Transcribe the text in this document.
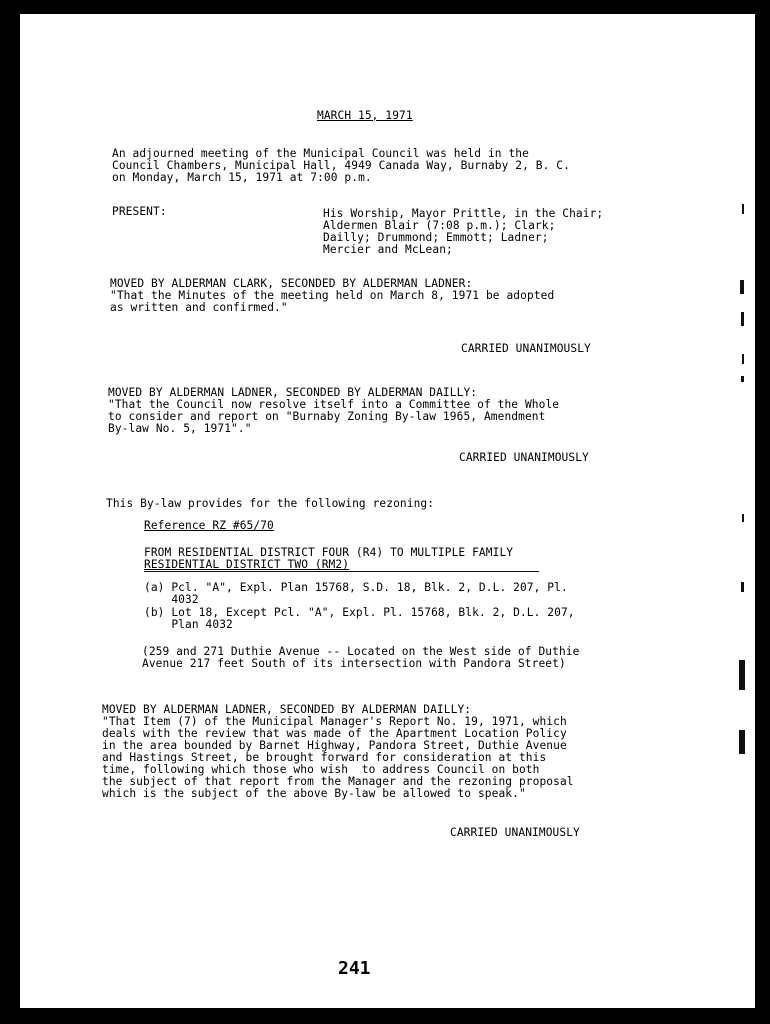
MARCH 15, 1971
An adjourned meeting of the Municipal Council was held in the
Council Chambers, Municipal Hall, 4949 Canada Way, Burnaby 2, B. C.
on Monday, March 15, 1971 at 7:00 p.m.
PRESENT:	His Worship, Mayor Prittle, in the Chair;
Aldermen Blair (7:08 p.m.); Clark;
Dailly; Drummond; Emmott; Ladner;
Mercier and McLean;
MOVED BY ALDERMAN CLARK, SECONDED BY ALDERMAN LADNER:
"That the Minutes of the meeting held on March 8, 1971 be adopted
as written and confirmed."
CARRIED UNANIMOUSLY
MOVED BY ALDERMAN LADNER, SECONDED BY ALDERMAN DAILLY:
"That the Council now resolve itself into a Committee of the Whole
to consider and report on "Burnaby Zoning By-law 1965, Amendment
By-law No. 5, 1971"."
CARRIED UNANIMOUSLY
This By-law provides for the following rezoning:
Reference RZ #65/70
FROM RESIDENTIAL DISTRICT FOUR (R4) TO MULTIPLE FAMILY
RESIDENTIAL DISTRICT TWO (RM2)
(a) Pcl. "A", Expl. Plan 15768, S.D. 18, Blk. 2, D.L. 207, Pl.
4032
(b) Lot 18, Except Pcl. "A", Expl. Pl. 15768, Blk. 2, D.L. 207,
Plan 4032
(259 and 271 Duthie Avenue -- Located on the West side of Duthie
Avenue 217 feet South of its intersection with Pandora Street)
MOVED BY ALDERMAN LADNER, SECONDED BY ALDERMAN DAILLY:
"That Item (7) of the Municipal Manager's Report No. 19, 1971, which
deals with the review that was made of the Apartment Location Policy
in the area bounded by Barnet Highway, Pandora Street, Duthie Avenue
and Hastings Street, be brought forward for consideration at this
time, following which those who wish  to address Council on both
the subject of that report from the Manager and the rezoning proposal
which is the subject of the above By-law be allowed to speak."
CARRIED UNANIMOUSLY
241
